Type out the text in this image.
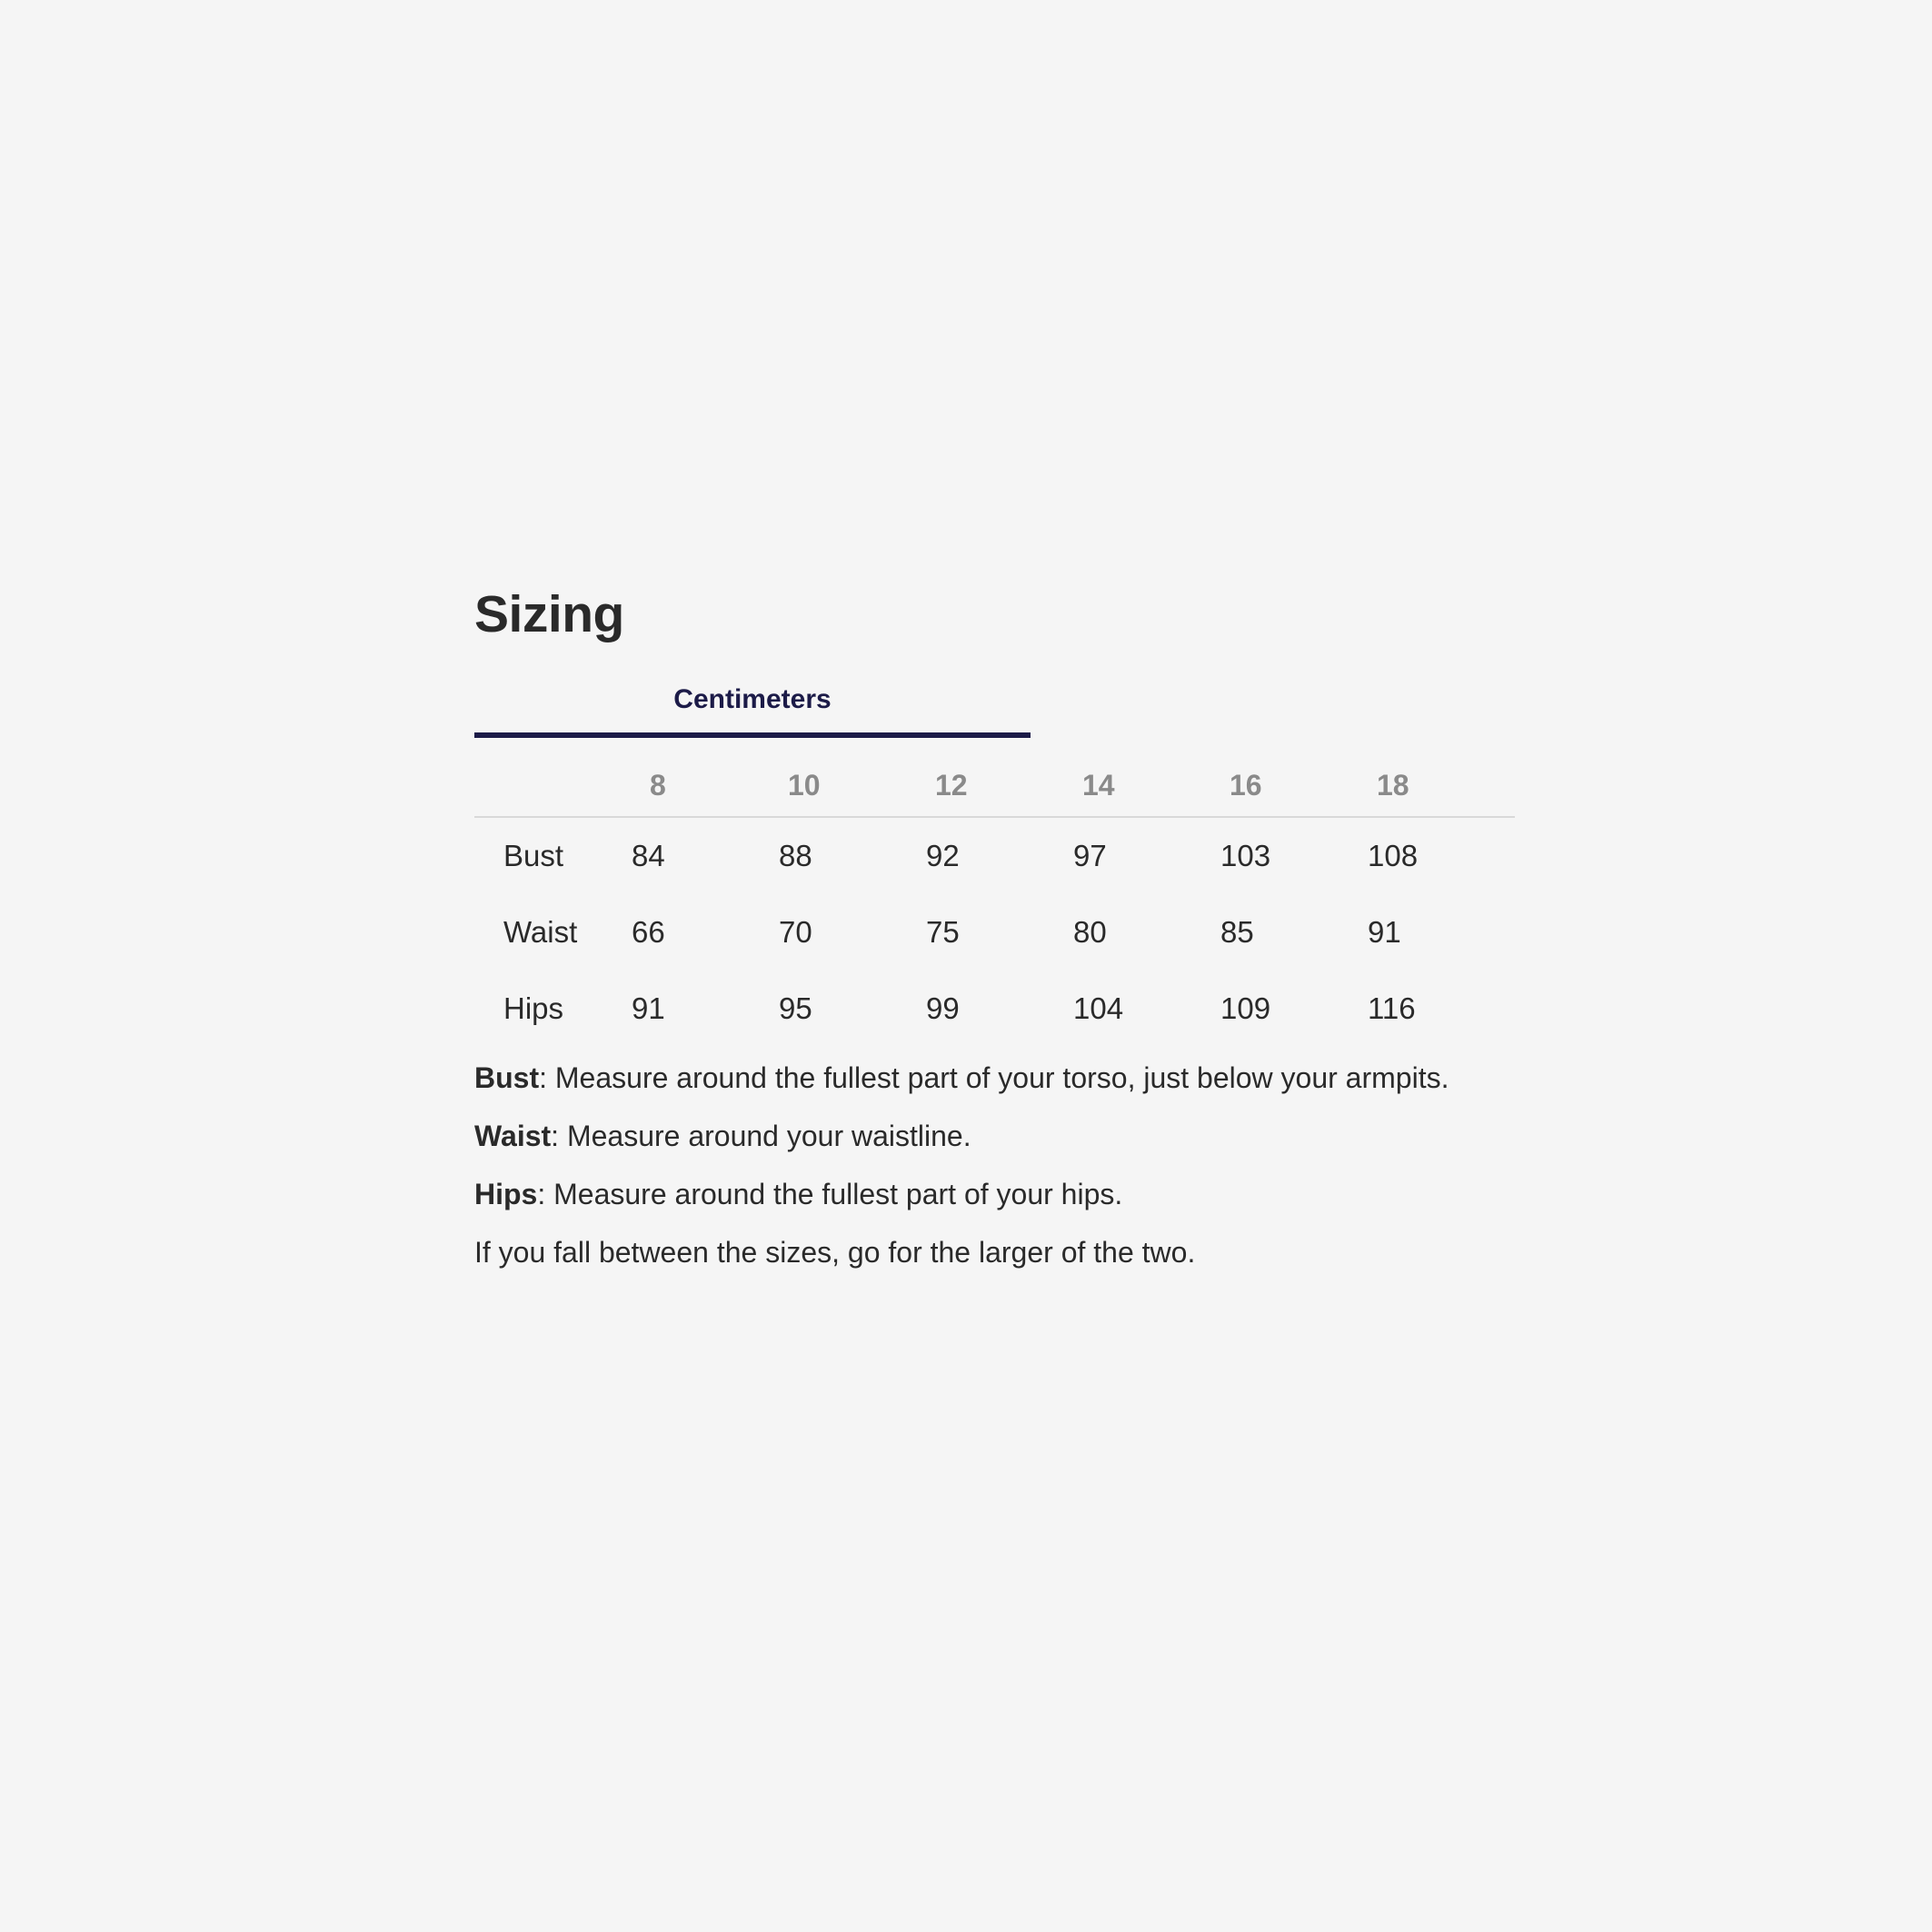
Sizing
Centimeters
	8	10	12	14	16	18
Bust	84	88	92	97	103	108
Waist	66	70	75	80	85	91
Hips	91	95	99	104	109	116

Bust: Measure around the fullest part of your torso, just below your armpits.

Waist: Measure around your waistline.

Hips: Measure around the fullest part of your hips.

If you fall between the sizes, go for the larger of the two.
